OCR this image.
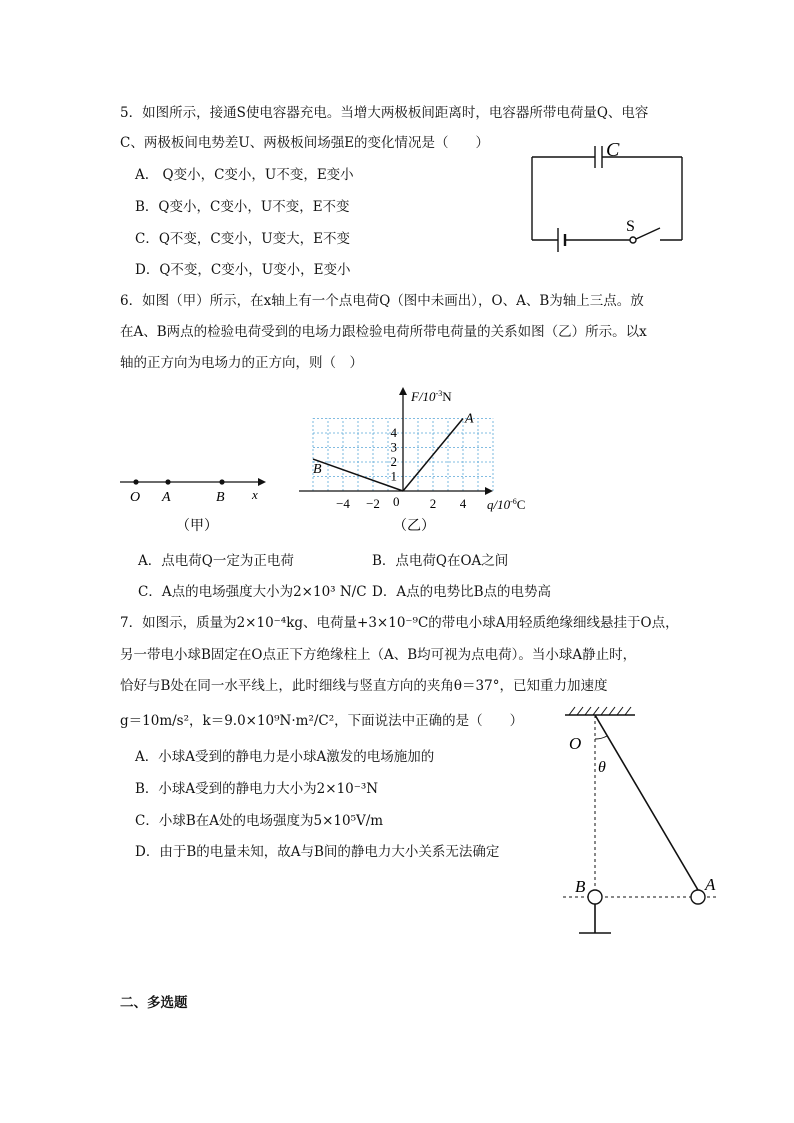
5．如图所示，接通S使电容器充电。当增大两极板间距离时，电容器所带电荷量Q、电容
C、两极板间电势差U、两极板间场强E的变化情况是（　　）
A.　Q变小，C变小，U不变，E变小
B．Q变小，C变小，U不变，E不变
C．Q不变，C变小，U变大，E不变
D．Q不变，C变小，U变小，E变小
C
S
6．如图（甲）所示，在x轴上有一个点电荷Q（图中未画出），O、A、B为轴上三点。放
在A、B两点的检验电荷受到的电场力跟检验电荷所带电荷量的关系如图（乙）所示。以x
轴的正方向为电场力的正方向，则（　）
O A	B x
（甲）
−4 −2	2 4
1
2
3
4
A
B
$F/10^{-3}N$
$q/10^{-6}C$
0
（乙）
A．点电荷Q一定为正电荷	B．点电荷Q在OA之间
C．A点的电场强度大小为2×10³ N/C D．A点的电势比B点的电势高
7．如图示，质量为2×10⁻⁴kg、电荷量+3×10⁻⁹C的带电小球A用轻质绝缘细线悬挂于O点，
另一带电小球B固定在O点正下方绝缘柱上（A、B均可视为点电荷）。当小球A静止时，
恰好与B处在同一水平线上，此时细线与竖直方向的夹角θ＝37°，已知重力加速度
g＝10m/s²，k＝9.0×10⁹N·m²/C²，下面说法中正确的是（　　）
A．小球A受到的静电力是小球A激发的电场施加的
B．小球A受到的静电力大小为2×10⁻³N
C．小球B在A处的电场强度为5×10⁵V/m
D．由于B的电量未知，故A与B间的静电力大小关系无法确定
O
θ
A
B
二、多选题
